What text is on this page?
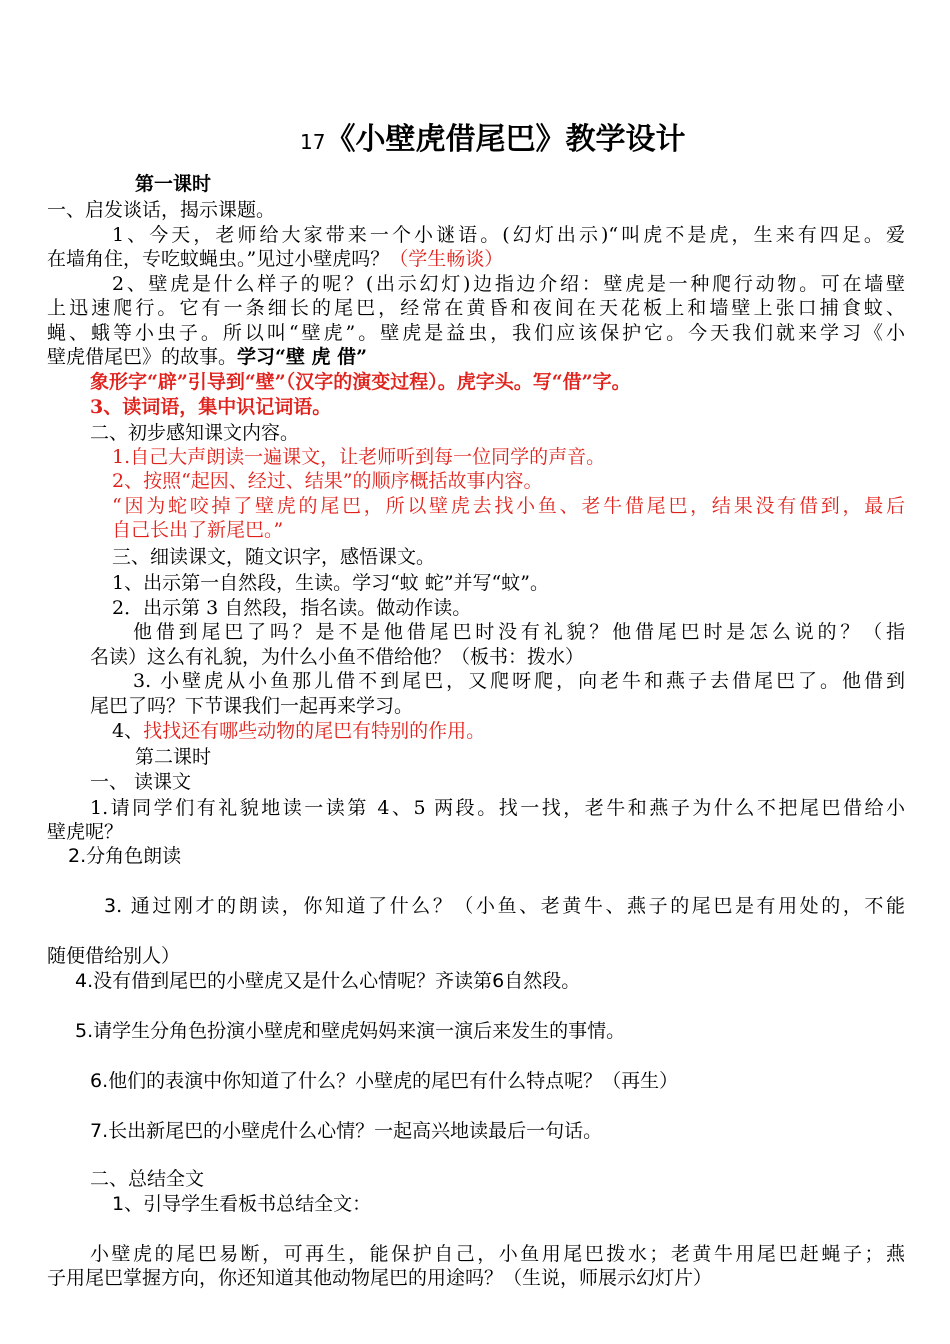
17《小壁虎借尾巴》教学设计
第一课时
一、启发谈话，揭示课题。
1、今天，老师给大家带来一个小谜语。(幻灯出示)“叫虎不是虎，生来有四足。爱
在墙角住，专吃蚊蝇虫。”见过小壁虎吗？（学生畅谈）
2、壁虎是什么样子的呢？(出示幻灯)边指边介绍：壁虎是一种爬行动物。可在墙壁
上迅速爬行。它有一条细长的尾巴，经常在黄昏和夜间在天花板上和墙壁上张口捕食蚊、
蝇、蛾等小虫子。所以叫“壁虎”。壁虎是益虫，我们应该保护它。今天我们就来学习《小
壁虎借尾巴》的故事。学习“壁 虎 借”
象形字“辟”引导到“壁”（汉字的演变过程）。虎字头。写“借”字。
3、读词语，集中识记词语。
二、初步感知课文内容。
1.自己大声朗读一遍课文，让老师听到每一位同学的声音。
2、按照“起因、经过、结果”的顺序概括故事内容。
“因为蛇咬掉了壁虎的尾巴，所以壁虎去找小鱼、老牛借尾巴，结果没有借到，最后
自己长出了新尾巴。”
三、细读课文，随文识字，感悟课文。
1、出示第一自然段，生读。学习“蚊 蛇”并写“蚊”。
2．出示第 3 自然段，指名读。做动作读。
他借到尾巴了吗？是不是他借尾巴时没有礼貌？他借尾巴时是怎么说的？（指
名读）这么有礼貌，为什么小鱼不借给他？（板书：拨水）
3. 小壁虎从小鱼那儿借不到尾巴，又爬呀爬，向老牛和燕子去借尾巴了。他借到
尾巴了吗？下节课我们一起再来学习。
4、找找还有哪些动物的尾巴有特别的作用。
第二课时
一、 读课文
1.请同学们有礼貌地读一读第 4、5 两段。找一找，老牛和燕子为什么不把尾巴借给小
壁虎呢？
2.分角色朗读
3. 通过刚才的朗读，你知道了什么？（小鱼、老黄牛、燕子的尾巴是有用处的，不能
随便借给别人）
4.没有借到尾巴的小壁虎又是什么心情呢？齐读第6自然段。
5.请学生分角色扮演小壁虎和壁虎妈妈来演一演后来发生的事情。
6.他们的表演中你知道了什么？小壁虎的尾巴有什么特点呢？（再生）
7.长出新尾巴的小壁虎什么心情？一起高兴地读最后一句话。
二、总结全文
1、引导学生看板书总结全文：
小壁虎的尾巴易断，可再生，能保护自己，小鱼用尾巴拨水；老黄牛用尾巴赶蝇子；燕
子用尾巴掌握方向，你还知道其他动物尾巴的用途吗？（生说，师展示幻灯片）
